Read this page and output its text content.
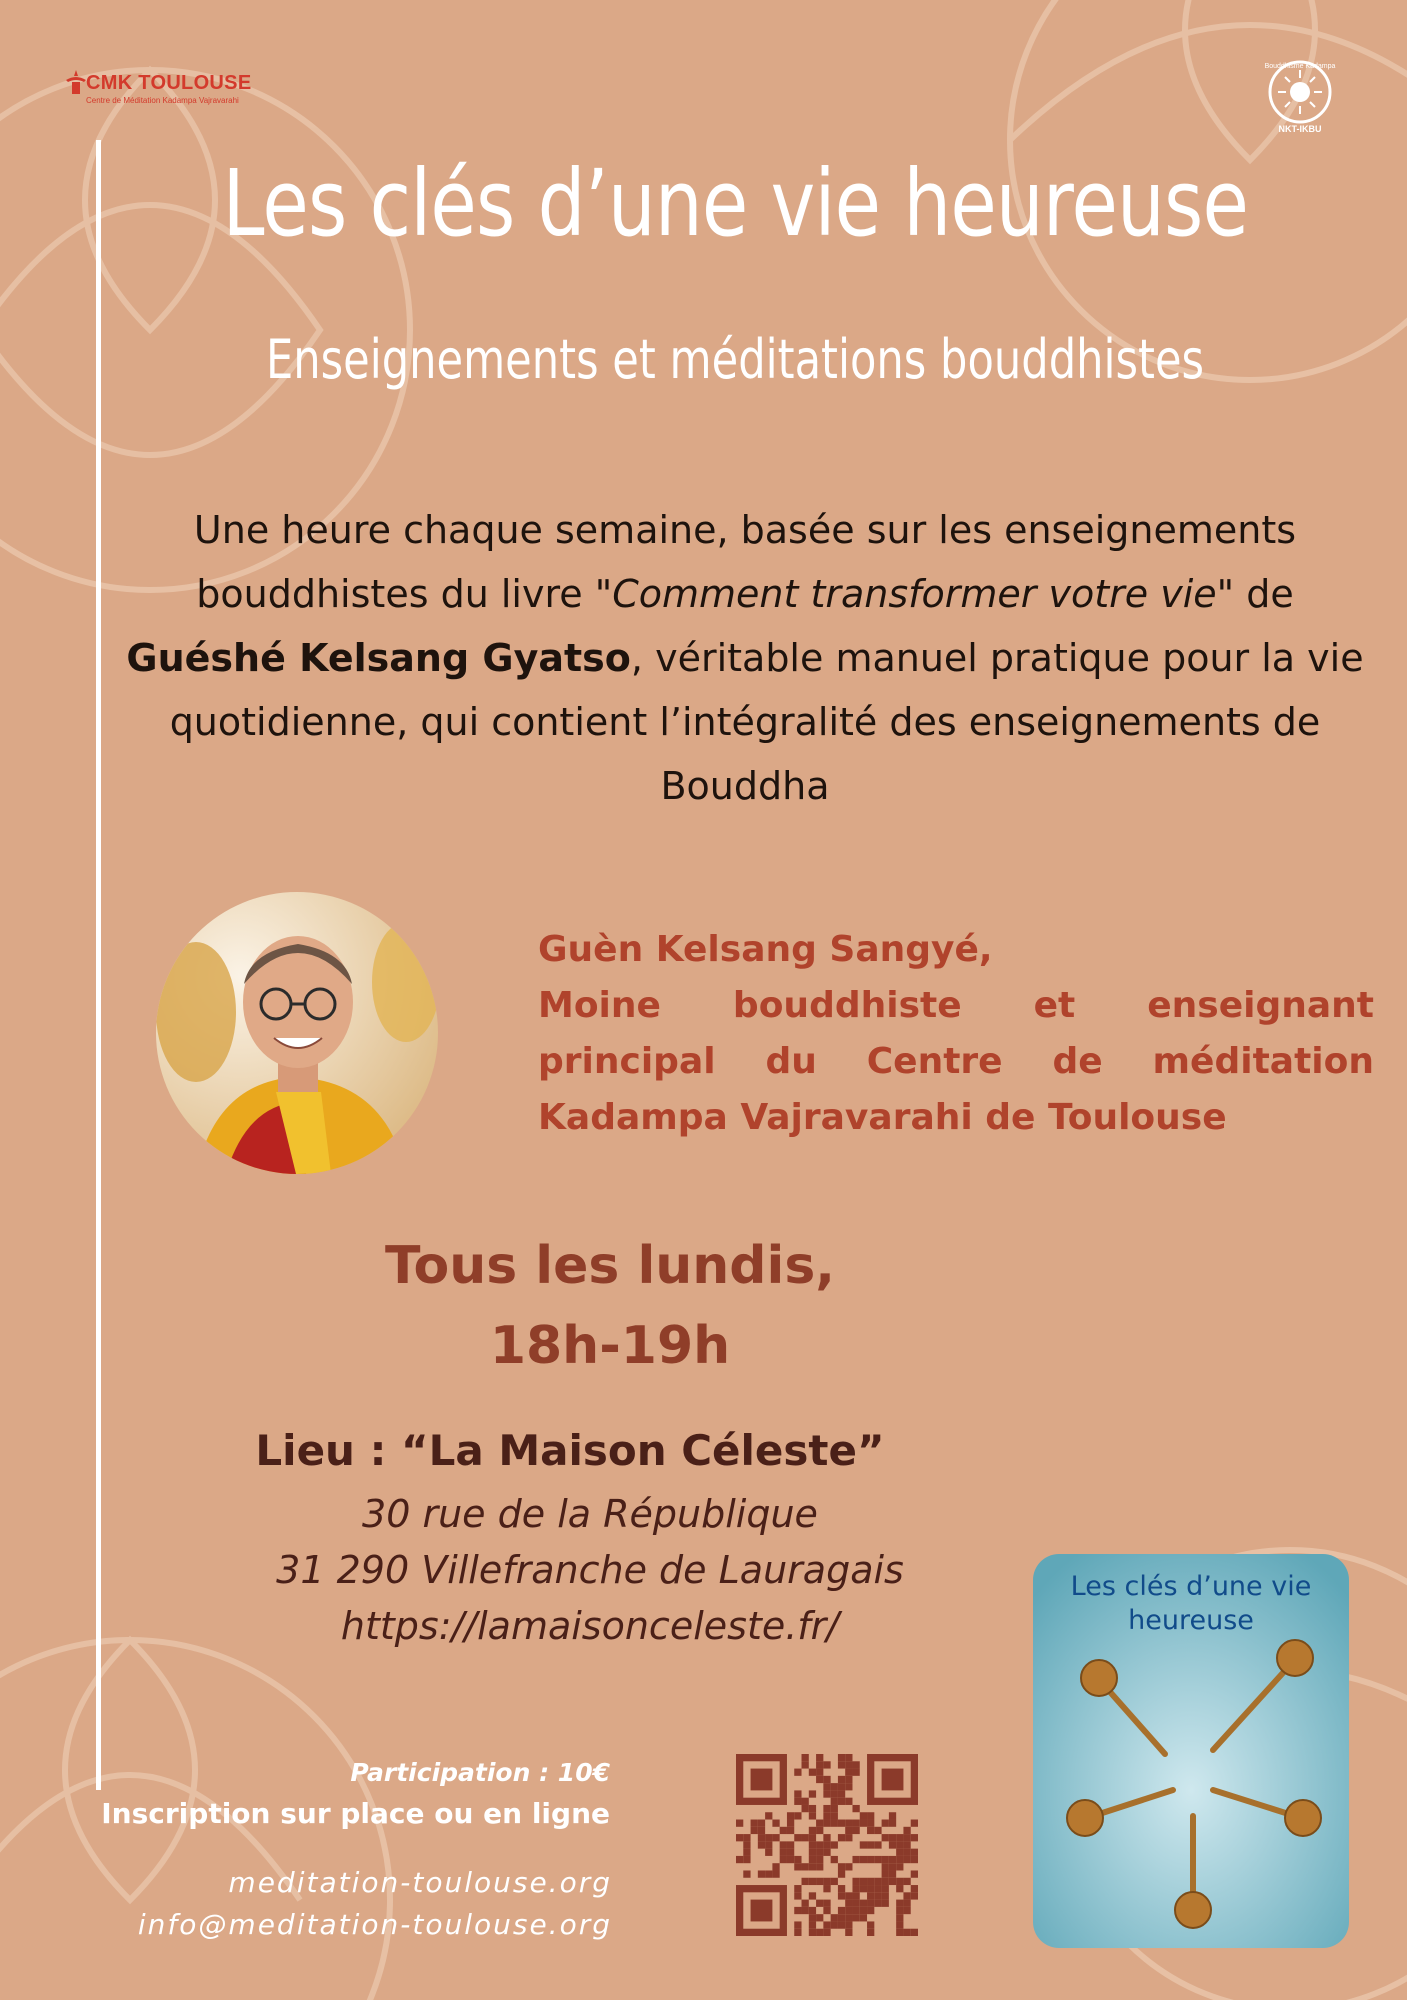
CMK TOULOUSE
Centre de Méditation Kadampa Vajravarahi
Bouddhisme Kadampa
NKT-IKBU
Les clés d’une vie heureuse
Enseignements et méditations bouddhistes
Une heure chaque semaine, basée sur les enseignements bouddhistes du livre "Comment transformer votre vie" de Guéshé Kelsang Gyatso, véritable manuel pratique pour la vie quotidienne, qui contient l’intégralité des enseignements de Bouddha
Guèn Kelsang Sangyé,
Moine bouddhiste et enseignant
principal du Centre de méditation
Kadampa Vajravarahi de Toulouse
Tous les lundis,
18h-19h
Lieu : “La Maison Céleste”
30 rue de la République
31 290 Villefranche de Lauragais
https://lamaisonceleste.fr/
Les clés d’une vie
heureuse
Participation : 10€
Inscription sur place ou en ligne
meditation-toulouse.org
info@meditation-toulouse.org
